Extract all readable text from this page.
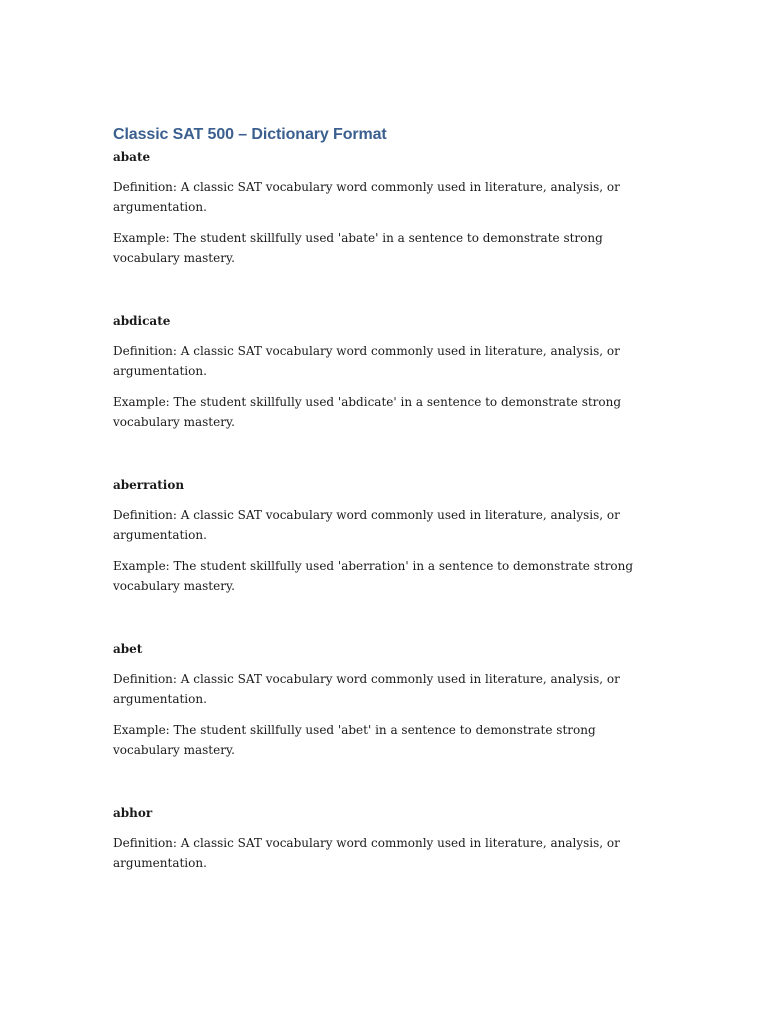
Classic SAT 500 – Dictionary Format

abate

Definition: A classic SAT vocabulary word commonly used in literature, analysis, or argumentation.

Example: The student skillfully used 'abate' in a sentence to demonstrate strong vocabulary mastery.

abdicate

Definition: A classic SAT vocabulary word commonly used in literature, analysis, or argumentation.

Example: The student skillfully used 'abdicate' in a sentence to demonstrate strong vocabulary mastery.

aberration

Definition: A classic SAT vocabulary word commonly used in literature, analysis, or argumentation.

Example: The student skillfully used 'aberration' in a sentence to demonstrate strong vocabulary mastery.

abet

Definition: A classic SAT vocabulary word commonly used in literature, analysis, or argumentation.

Example: The student skillfully used 'abet' in a sentence to demonstrate strong vocabulary mastery.

abhor

Definition: A classic SAT vocabulary word commonly used in literature, analysis, or argumentation.
